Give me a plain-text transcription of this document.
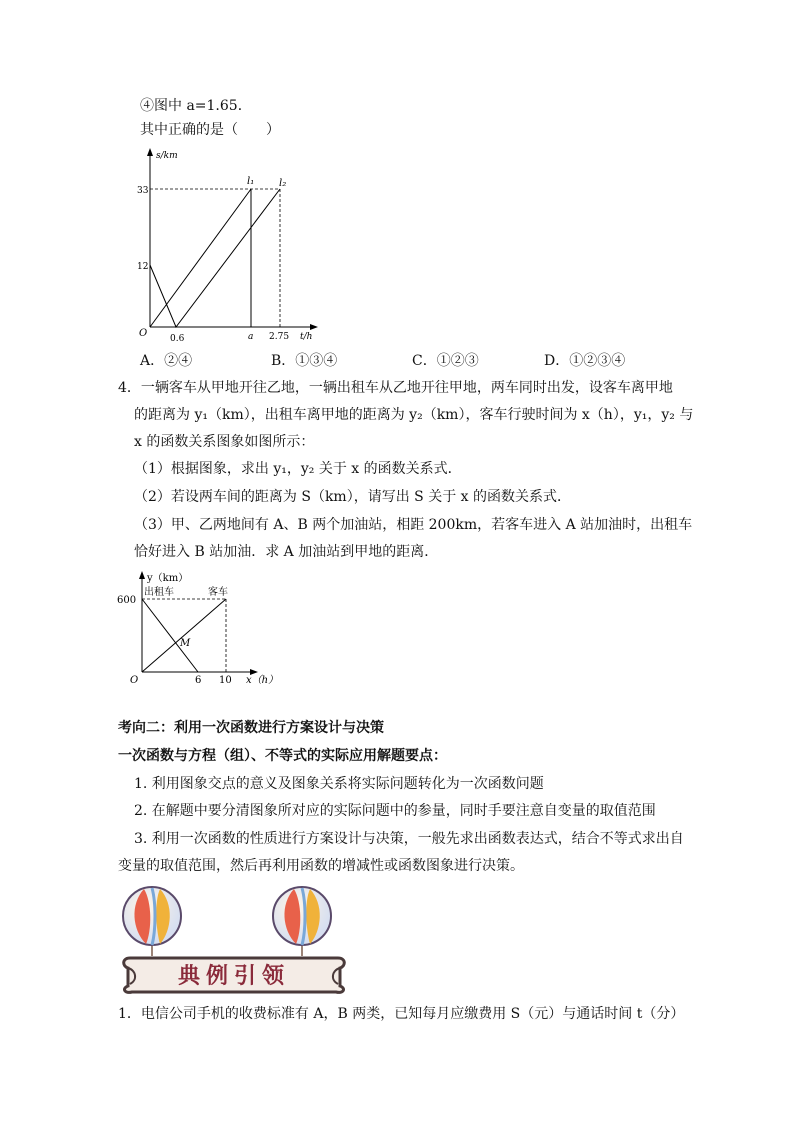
④图中 a=1.65．
其中正确的是（　　）
s/km
33
12
O	0.6	a 2.75 t/h
l₁ l₂
A．②④	B．①③④	C．①②③	D．①②③④
4．一辆客车从甲地开往乙地，一辆出租车从乙地开往甲地，两车同时出发，设客车离甲地
的距离为 y₁（km），出租车离甲地的距离为 y₂（km），客车行驶时间为 x（h），y₁，y₂ 与
x 的函数关系图象如图所示：
（1）根据图象，求出 y₁，y₂ 关于 x 的函数关系式．
（2）若设两车间的距离为 S（km），请写出 S 关于 x 的函数关系式．
（3）甲、乙两地间有 A、B 两个加油站，相距 200km，若客车进入 A 站加油时，出租车
恰好进入 B 站加油．求 A 加油站到甲地的距离．
y（km）
600
出租车	客车
M
O	6 10 x（h）
考向二：利用一次函数进行方案设计与决策
一次函数与方程（组）、不等式的实际应用解题要点：
1. 利用图象交点的意义及图象关系将实际问题转化为一次函数问题
2. 在解题中要分清图象所对应的实际问题中的参量，同时手要注意自变量的取值范围
3. 利用一次函数的性质进行方案设计与决策，一般先求出函数表达式，结合不等式求出自
变量的取值范围，然后再利用函数的增减性或函数图象进行决策。
典例引领
1．电信公司手机的收费标准有 A，B 两类，已知每月应缴费用 S（元）与通话时间 t（分）
